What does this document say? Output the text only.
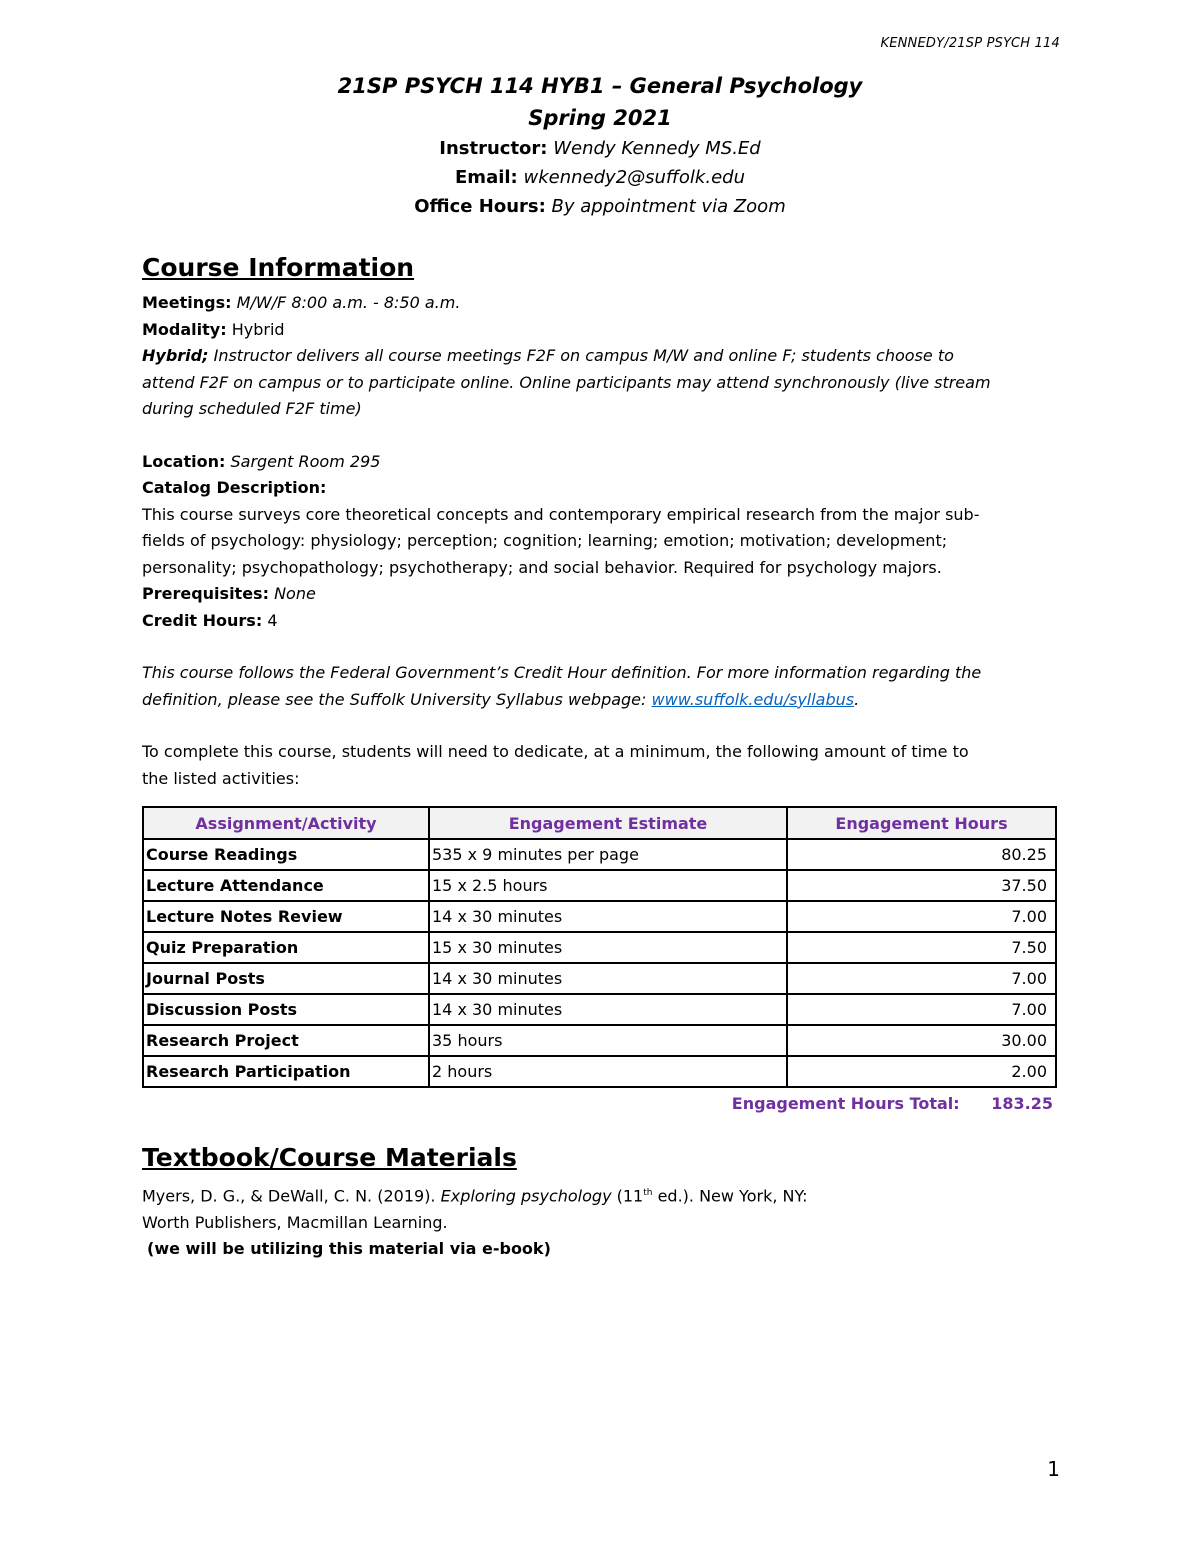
KENNEDY/21SP PSYCH 114
21SP PSYCH 114 HYB1 – General Psychology
Spring 2021
Instructor: Wendy Kennedy MS.Ed
Email: wkennedy2@suffolk.edu
Office Hours: By appointment via Zoom
Course Information
Meetings: M/W/F 8:00 a.m. - 8:50 a.m.
Modality: Hybrid
Hybrid; Instructor delivers all course meetings F2F on campus M/W and online F; students choose to
attend F2F on campus or to participate online. Online participants may attend synchronously (live stream
during scheduled F2F time)
Location: Sargent Room 295
Catalog Description:
This course surveys core theoretical concepts and contemporary empirical research from the major sub-
fields of psychology: physiology; perception; cognition; learning; emotion; motivation; development;
personality; psychopathology; psychotherapy; and social behavior. Required for psychology majors.
Prerequisites: None
Credit Hours: 4
This course follows the Federal Government’s Credit Hour definition. For more information regarding the
definition, please see the Suffolk University Syllabus webpage: www.suffolk.edu/syllabus.
To complete this course, students will need to dedicate, at a minimum, the following amount of time to
the listed activities:
Assignment/Activity	Engagement Estimate	Engagement Hours
Course Readings	535 x 9 minutes per page	80.25
Lecture Attendance	15 x 2.5 hours	37.50
Lecture Notes Review	14 x 30 minutes	7.00
Quiz Preparation	15 x 30 minutes	7.50
Journal Posts	14 x 30 minutes	7.00
Discussion Posts	14 x 30 minutes	7.00
Research Project	35 hours	30.00
Research Participation	2 hours	2.00
Engagement Hours Total: 183.25
Textbook/Course Materials
Myers, D. G., & DeWall, C. N. (2019). Exploring psychology (11th ed.). New York, NY:
Worth Publishers, Macmillan Learning.
(we will be utilizing this material via e-book)
1
